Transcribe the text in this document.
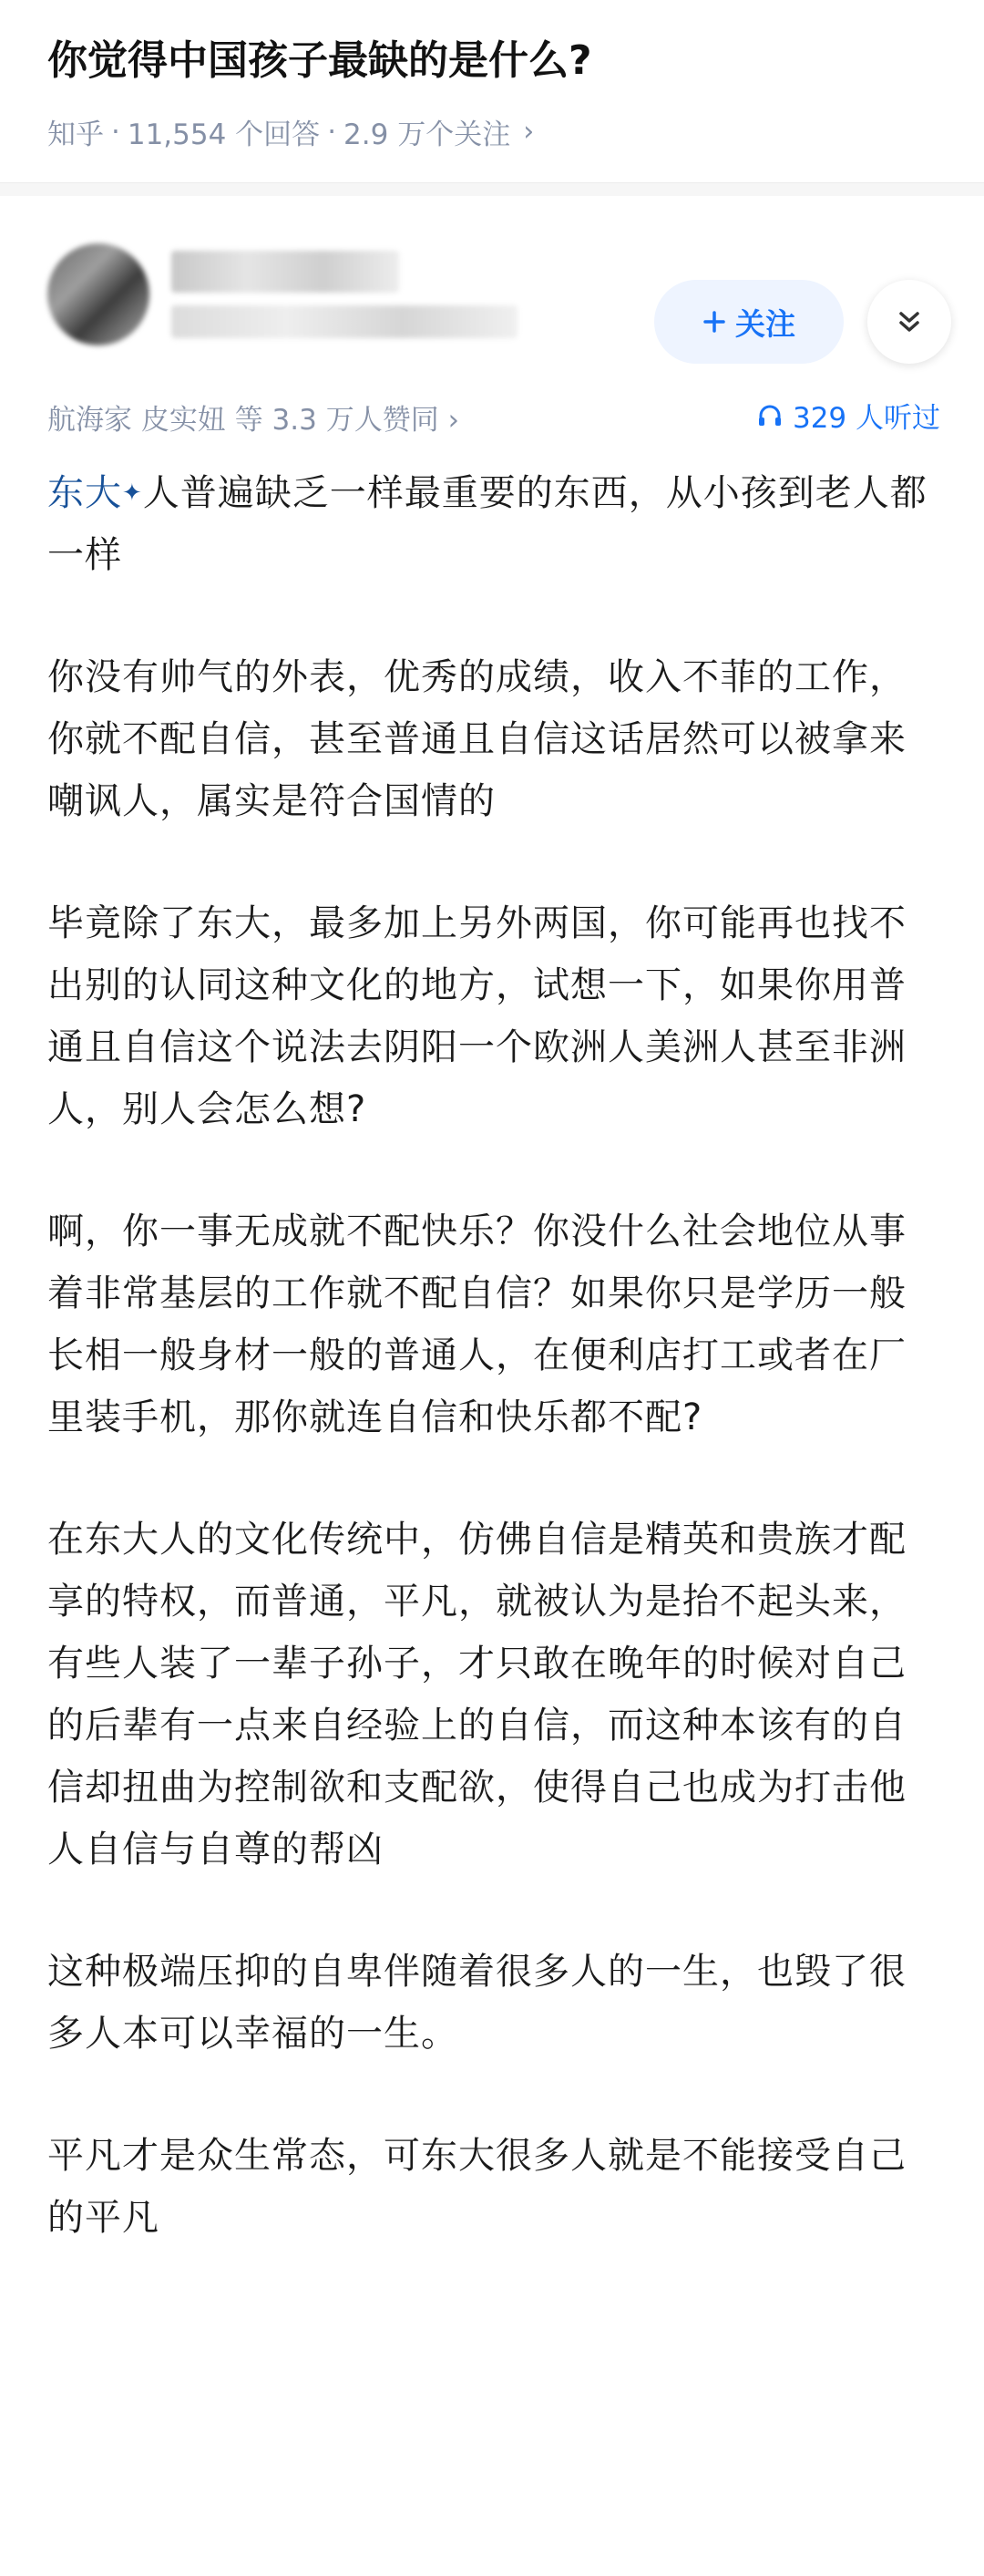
你觉得中国孩子最缺的是什么?
知乎 · 11,554 个回答 · 2.9 万个关注 ›
关注
航海家 皮实妞 等 3.3 万人赞同 ›	329 人听过

东大✦人普遍缺乏一样最重要的东西，从小孩到老人都一样

你没有帅气的外表，优秀的成绩，收入不菲的工作，你就不配自信，甚至普通且自信这话居然可以被拿来嘲讽人，属实是符合国情的

毕竟除了东大，最多加上另外两国，你可能再也找不出别的认同这种文化的地方，试想一下，如果你用普通且自信这个说法去阴阳一个欧洲人美洲人甚至非洲人，别人会怎么想?

啊，你一事无成就不配快乐？你没什么社会地位从事着非常基层的工作就不配自信？如果你只是学历一般长相一般身材一般的普通人，在便利店打工或者在厂里装手机，那你就连自信和快乐都不配?

在东大人的文化传统中，仿佛自信是精英和贵族才配享的特权，而普通，平凡，就被认为是抬不起头来，有些人装了一辈子孙子，才只敢在晚年的时候对自己的后辈有一点来自经验上的自信，而这种本该有的自信却扭曲为控制欲和支配欲，使得自己也成为打击他人自信与自尊的帮凶

这种极端压抑的自卑伴随着很多人的一生，也毁了很多人本可以幸福的一生。

平凡才是众生常态，可东大很多人就是不能接受自己的平凡
